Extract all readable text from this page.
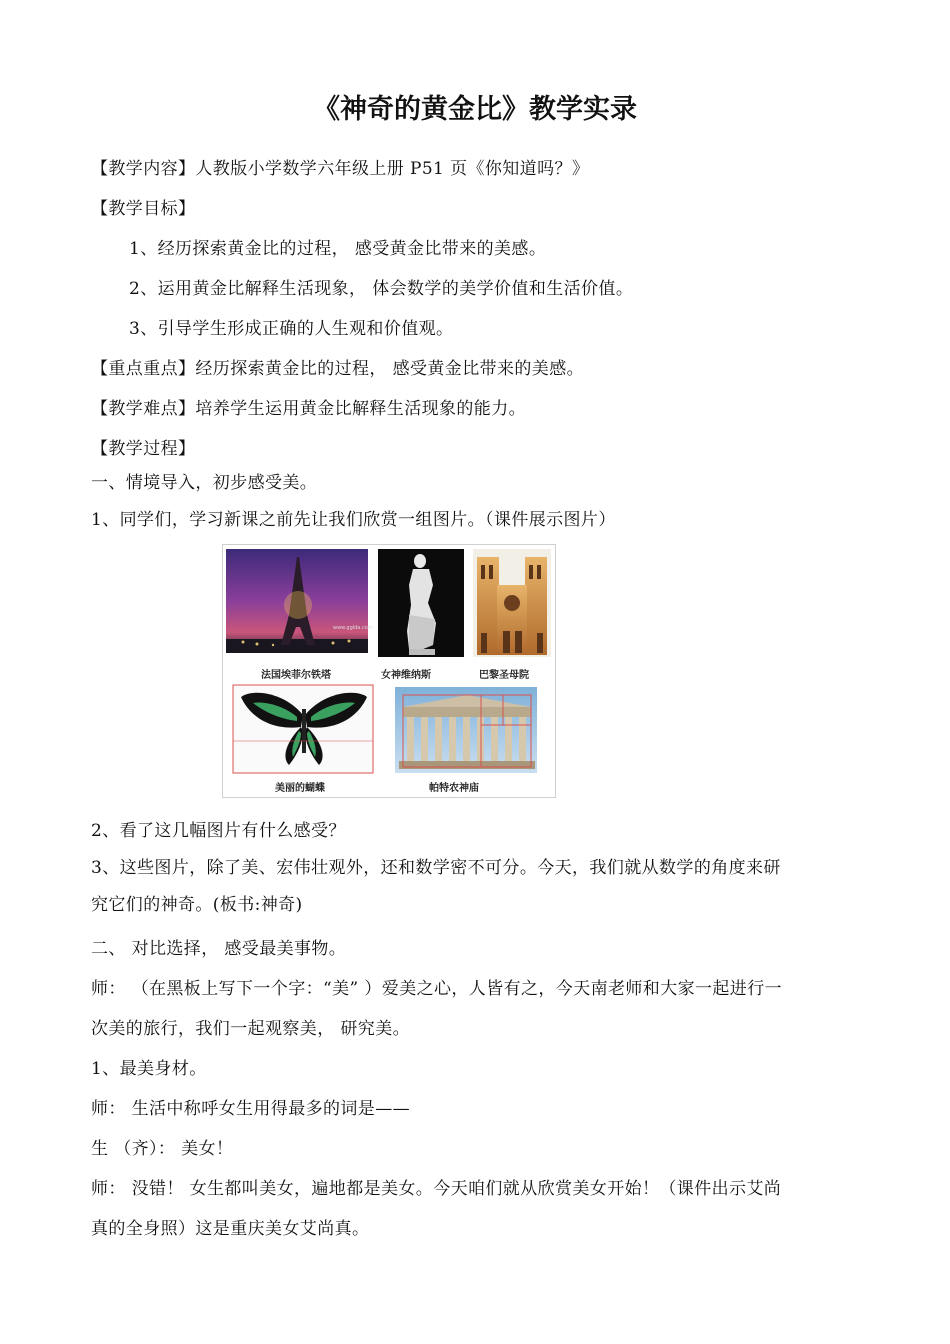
《神奇的黄金比》教学实录
【教学内容】人教版小学数学六年级上册 P51 页《你知道吗？》
【教学目标】
1、经历探索黄金比的过程， 感受黄金比带来的美感。
2、运用黄金比解释生活现象， 体会数学的美学价值和生活价值。
3、引导学生形成正确的人生观和价值观。
【重点重点】经历探索黄金比的过程， 感受黄金比带来的美感。
【教学难点】培养学生运用黄金比解释生活现象的能力。
【教学过程】
一、情境导入，初步感受美。
1、同学们，学习新课之前先让我们欣赏一组图片。（课件展示图片）
www.gglda.com
法国埃菲尔铁塔	女神维纳斯	巴黎圣母院
美丽的蝴蝶	帕特农神庙
2、看了这几幅图片有什么感受？
3、这些图片，除了美、宏伟壮观外，还和数学密不可分。今天，我们就从数学的角度来研
究它们的神奇。(板书:神奇)
二、 对比选择， 感受最美事物。
师： （在黑板上写下一个字：“美” ）爱美之心，人皆有之，今天南老师和大家一起进行一
次美的旅行，我们一起观察美， 研究美。
1、最美身材。
师： 生活中称呼女生用得最多的词是——
生 （齐）： 美女！
师： 没错！ 女生都叫美女，遍地都是美女。今天咱们就从欣赏美女开始！（课件出示艾尚
真的全身照）这是重庆美女艾尚真。
